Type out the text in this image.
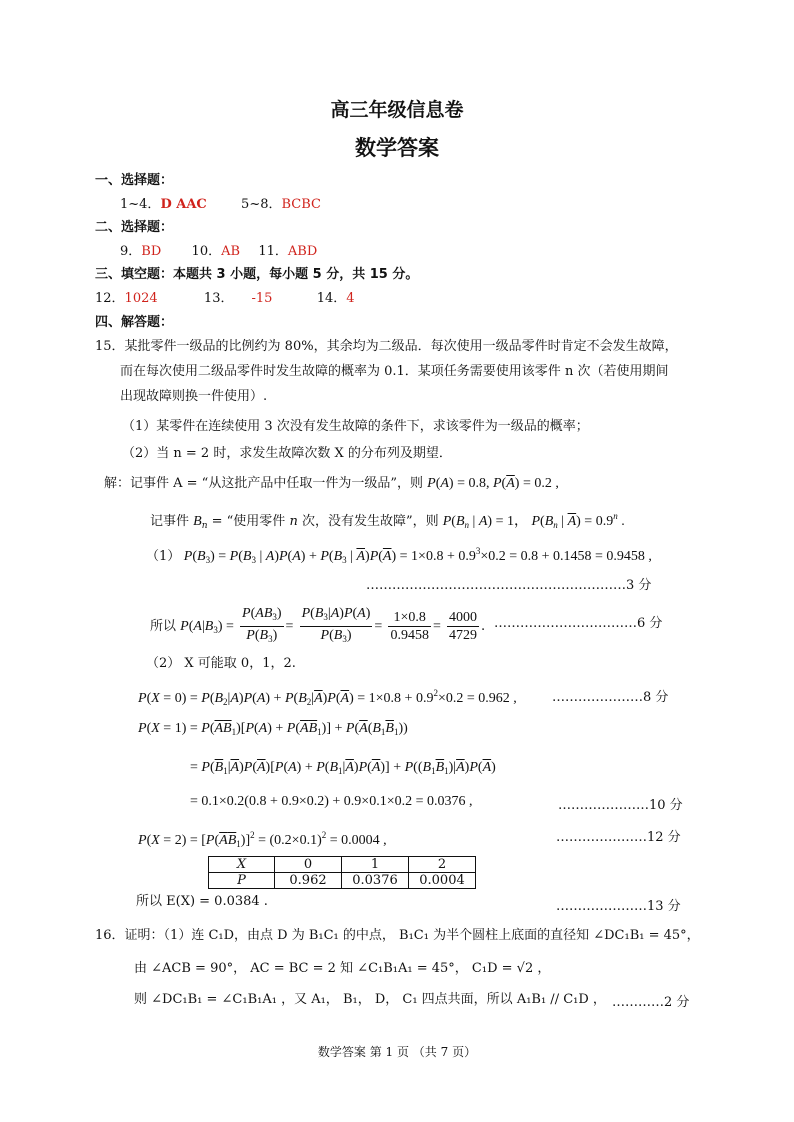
高三年级信息卷
数学答案
一、选择题：
1~4．D AAC	5~8．BCBC
二、选择题：
9．BD 10．AB 11．ABD
三、填空题：本题共 3 小题，每小题 5 分，共 15 分。
12．1024	13． -15	14．4
四、解答题：
15．某批零件一级品的比例约为 80%，其余均为二级品．每次使用一级品零件时肯定不会发生故障，
而在每次使用二级品零件时发生故障的概率为 0.1．某项任务需要使用该零件 n 次（若使用期间
出现故障则换一件使用）.
（1）某零件在连续使用 3 次没有发生故障的条件下，求该零件为一级品的概率；
（2）当 n = 2 时，求发生故障次数 X 的分布列及期望．
解：记事件 A = “从这批产品中任取一件为一级品”，则 P(A) = 0.8, $P(\overline{A}) = 0.2$ ,
记事件 $B_n$ = “使用零件 n 次，没有发生故障”，则 $P(B_n$ | A) = 1， $P(B_n$ | $\overline{A}) = 0.9^n$ .
（1） $P(B_3) = P(B_3$ | $A)P(A) + P(B_3$ | $\overline{A})P(\overline{A}) = 1\times 0.8 + 0.9^3\times 0.2 = 0.8 + 0.1458 = 0.9458$ ,
……………………………………………………3 分
所以 $P(A|B_3) = \frac{P(AB_3)}{P(B_3)} = \frac{P(B_3|A)P(A)}{P(B_3)} = \frac{1\times 0.8}{0.9458} = \frac{4000}{4729}$ . ……………………………6 分
（2） X 可能取 0，1，2.
$P(X = 0) = P(B_2|A)P(A) + P(B_2|\overline{A})P(\overline{A}) = 1\times 0.8 + 0.9^2\times 0.2 = 0.962$ ,	…………………8 分
$P(X = 1) = P(\overline{A}\overline{B}_1)[P(A) + P(\overline{A}\overline{B}_1)] + P(\overline{A}(B_1\overline{B}_1))$
= $P(\overline{B}_1|\overline{A})P(\overline{A})[P(A) + P(B_1|\overline{A})P(\overline{A})] + P((B_1\overline{B}_1)|\overline{A})P(\overline{A})$
= 0.1×0.2(0.8 + 0.9×0.2) + 0.9×0.1×0.2 = 0.0376 ,	…………………10 分
$P(X = 2) = [P(\overline{A}\overline{B}_1)]^2 = (0.2\times 0.1)^2 = 0.0004$ ,	…………………12 分
X	0	1	2
P	0.962	0.0376	0.0004
所以 E(X) = 0.0384 .	…………………13 分
16．证明：（1）连 C₁D，由点 D 为 B₁C₁ 的中点， B₁C₁ 为半个圆柱上底面的直径知 ∠DC₁B₁ = 45°，
由 ∠ACB = 90°， AC = BC = 2 知 ∠C₁B₁A₁ = 45°， C₁D = √2 ，
则 ∠DC₁B₁ = ∠C₁B₁A₁ ，又 A₁， B₁， D， C₁ 四点共面，所以 A₁B₁ // C₁D ， …………2 分
数学答案 第 1 页 （共 7 页）
